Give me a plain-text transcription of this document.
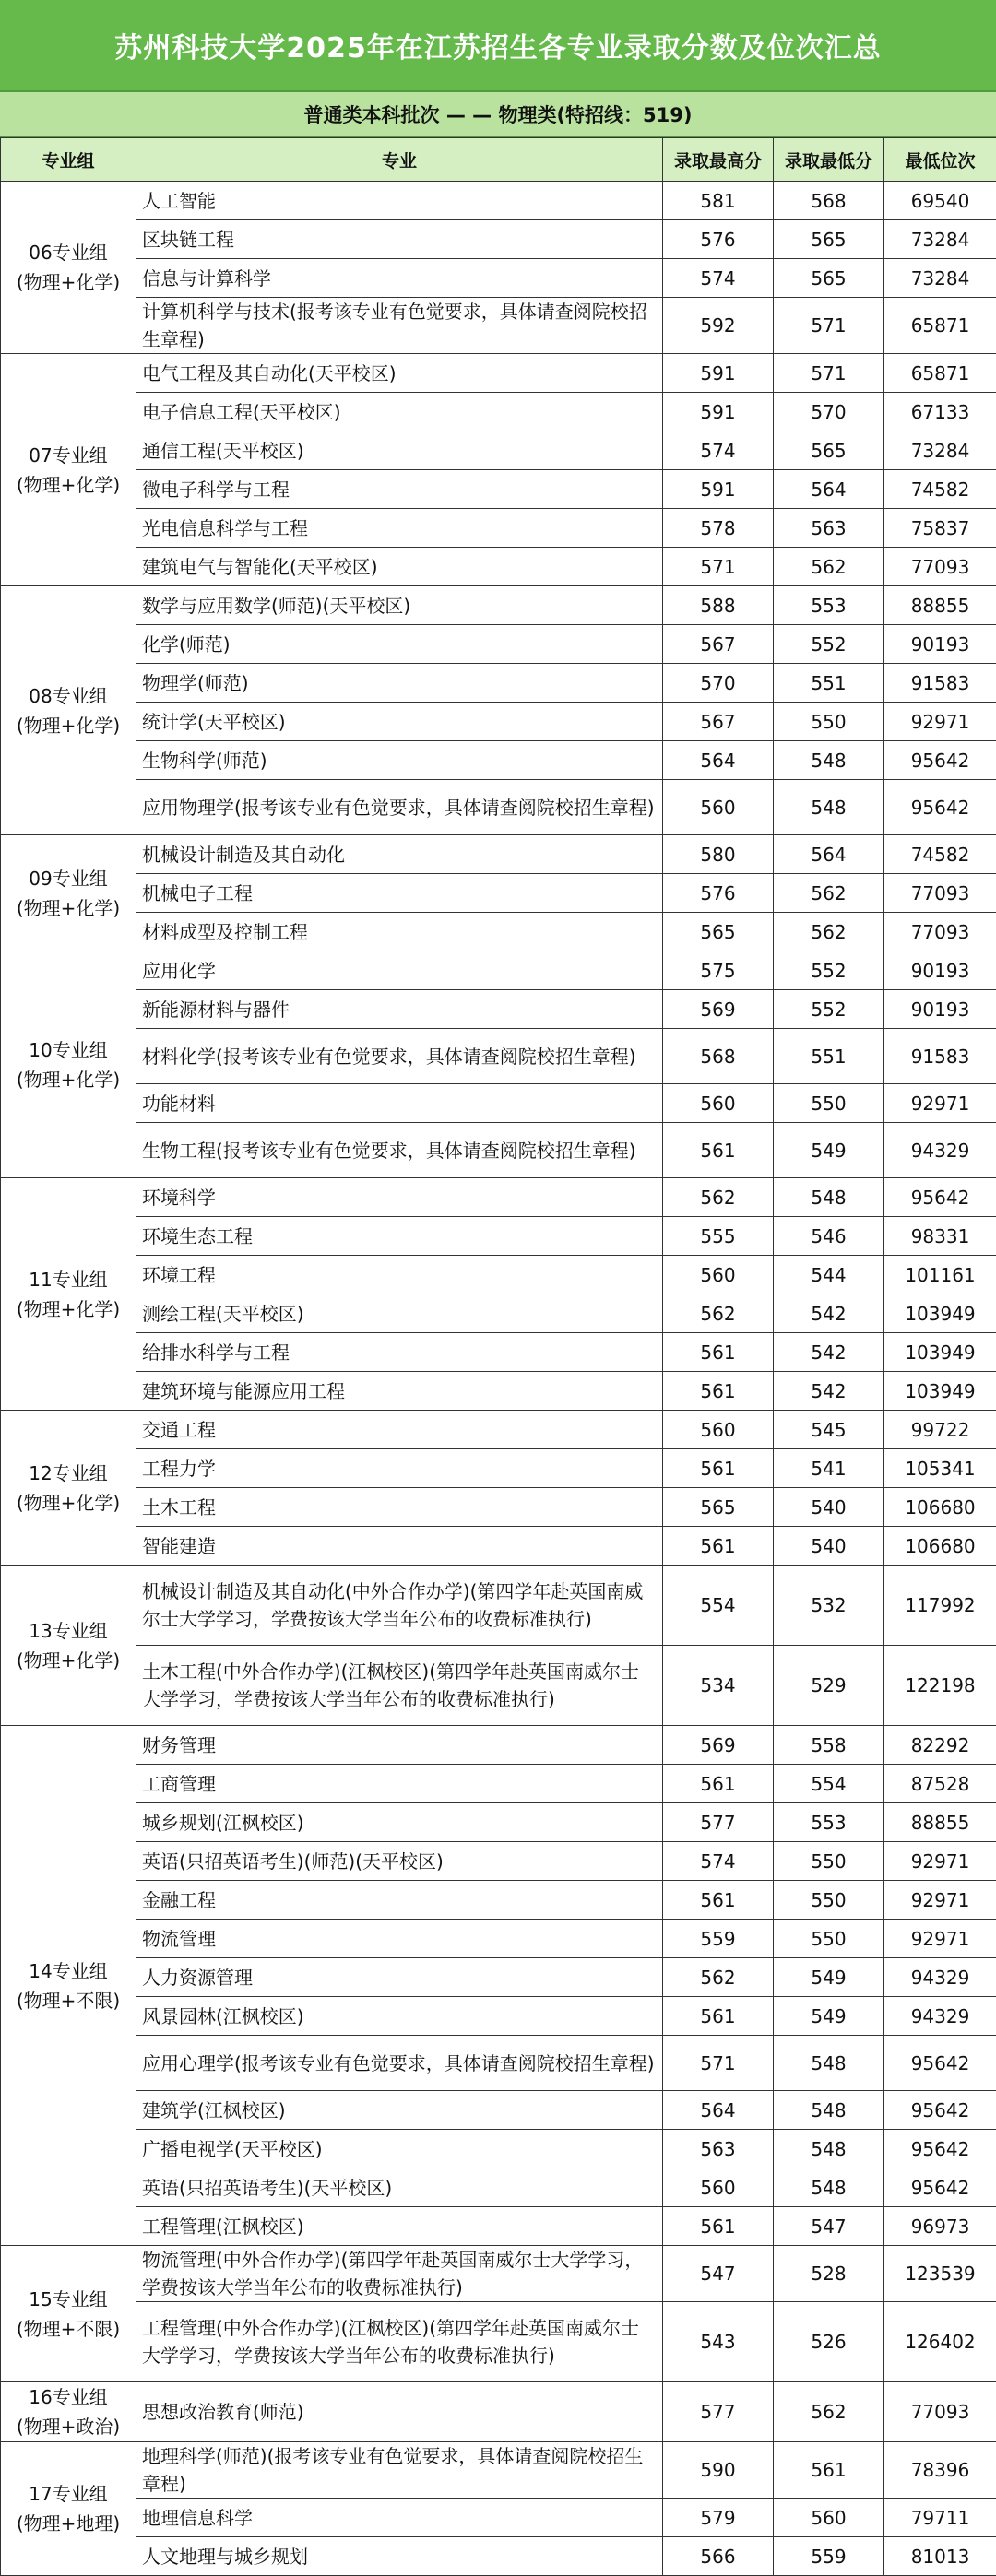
苏州科技大学2025年在江苏招生各专业录取分数及位次汇总
普通类本科批次 — — 物理类(特招线：519)
专业组	专业	录取最高分	录取最低分	最低位次

06专业组
(物理+化学)	人工智能	581	568	69540
	区块链工程	576	565	73284
	信息与计算科学	574	565	73284
	计算机科学与技术(报考该专业有色觉要求，具体请查阅院校招生章程)	592	571	65871

07专业组
(物理+化学)	电气工程及其自动化(天平校区)	591	571	65871
	电子信息工程(天平校区)	591	570	67133
	通信工程(天平校区)	574	565	73284
	微电子科学与工程	591	564	74582
	光电信息科学与工程	578	563	75837
	建筑电气与智能化(天平校区)	571	562	77093

08专业组
(物理+化学)	数学与应用数学(师范)(天平校区)	588	553	88855
	化学(师范)	567	552	90193
	物理学(师范)	570	551	91583
	统计学(天平校区)	567	550	92971
	生物科学(师范)	564	548	95642
	应用物理学(报考该专业有色觉要求，具体请查阅院校招生章程)	560	548	95642

09专业组
(物理+化学)	机械设计制造及其自动化	580	564	74582
	机械电子工程	576	562	77093
	材料成型及控制工程	565	562	77093

10专业组
(物理+化学)	应用化学	575	552	90193
	新能源材料与器件	569	552	90193
	材料化学(报考该专业有色觉要求，具体请查阅院校招生章程)	568	551	91583
	功能材料	560	550	92971
	生物工程(报考该专业有色觉要求，具体请查阅院校招生章程)	561	549	94329

11专业组
(物理+化学)	环境科学	562	548	95642
	环境生态工程	555	546	98331
	环境工程	560	544	101161
	测绘工程(天平校区)	562	542	103949
	给排水科学与工程	561	542	103949
	建筑环境与能源应用工程	561	542	103949

12专业组
(物理+化学)	交通工程	560	545	99722
	工程力学	561	541	105341
	土木工程	565	540	106680
	智能建造	561	540	106680

13专业组
(物理+化学)	机械设计制造及其自动化(中外合作办学)(第四学年赴英国南威尔士大学学习，学费按该大学当年公布的收费标准执行)	554	532	117992
	土木工程(中外合作办学)(江枫校区)(第四学年赴英国南威尔士大学学习，学费按该大学当年公布的收费标准执行)	534	529	122198

14专业组
(物理+不限)	财务管理	569	558	82292
	工商管理	561	554	87528
	城乡规划(江枫校区)	577	553	88855
	英语(只招英语考生)(师范)(天平校区)	574	550	92971
	金融工程	561	550	92971
	物流管理	559	550	92971
	人力资源管理	562	549	94329
	风景园林(江枫校区)	561	549	94329
	应用心理学(报考该专业有色觉要求，具体请查阅院校招生章程)	571	548	95642
	建筑学(江枫校区)	564	548	95642
	广播电视学(天平校区)	563	548	95642
	英语(只招英语考生)(天平校区)	560	548	95642
	工程管理(江枫校区)	561	547	96973

15专业组
(物理+不限)	物流管理(中外合作办学)(第四学年赴英国南威尔士大学学习，学费按该大学当年公布的收费标准执行)	547	528	123539
	工程管理(中外合作办学)(江枫校区)(第四学年赴英国南威尔士大学学习，学费按该大学当年公布的收费标准执行)	543	526	126402

16专业组
(物理+政治)	思想政治教育(师范)	577	562	77093

17专业组
(物理+地理)	地理科学(师范)(报考该专业有色觉要求，具体请查阅院校招生章程)	590	561	78396
	地理信息科学	579	560	79711
	人文地理与城乡规划	566	559	81013
